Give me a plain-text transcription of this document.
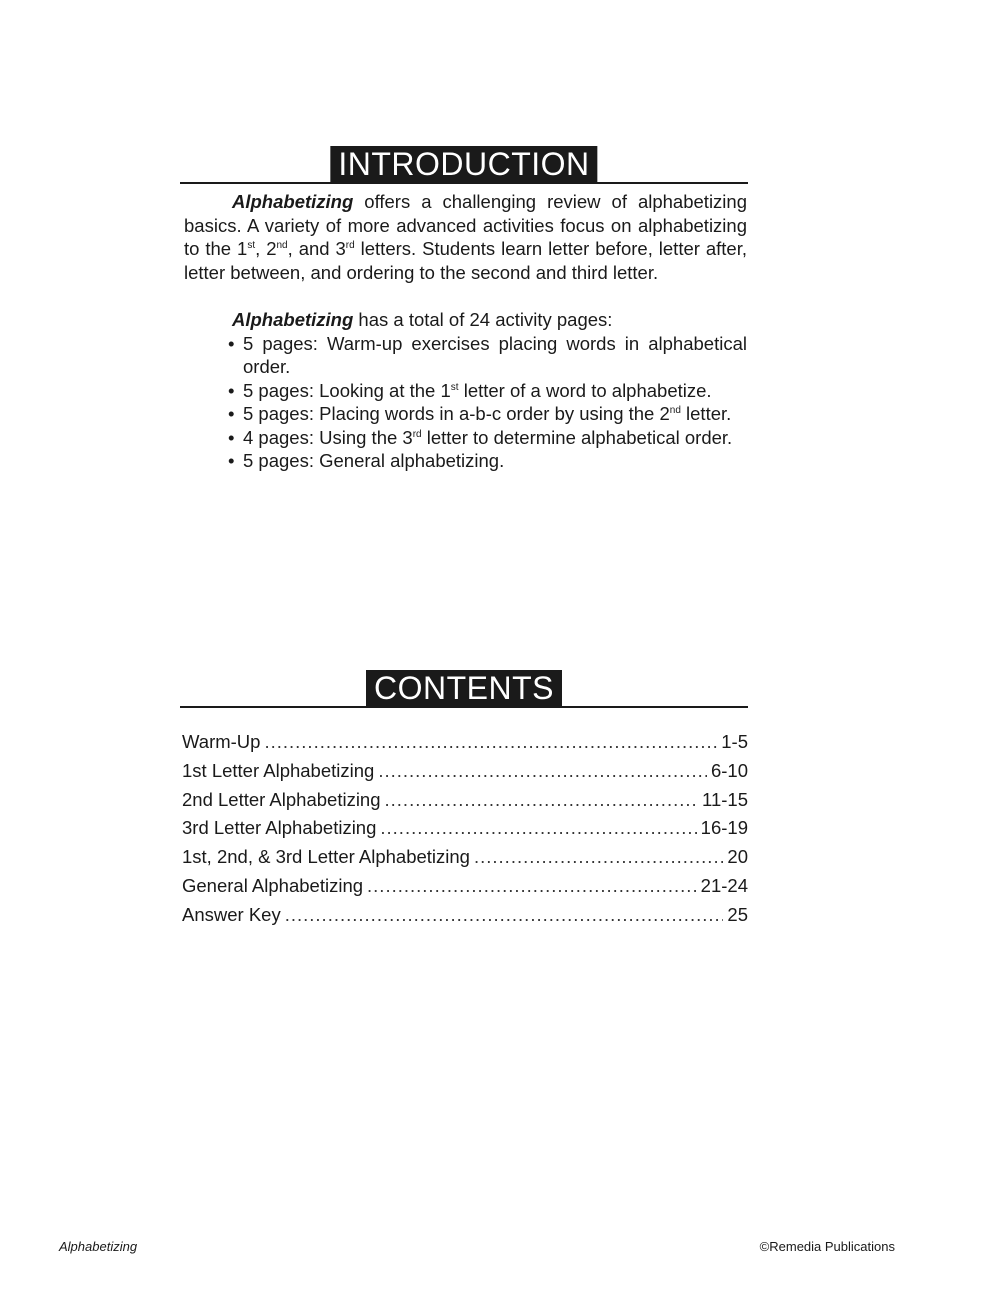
INTRODUCTION

Alphabetizing offers a challenging review of alphabetizing basics. A variety of more advanced activities focus on alphabetizing to the 1st, 2nd, and 3rd letters. Students learn letter before, letter after, letter between, and ordering to the second and third letter.

Alphabetizing has a total of 24 activity pages:

• 5 pages: Warm-up exercises placing words in alphabetical order.
• 5 pages: Looking at the 1st letter of a word to alphabetize.
• 5 pages: Placing words in a-b-c order by using the 2nd letter.
• 4 pages: Using the 3rd letter to determine alphabetical order.
• 5 pages: General alphabetizing.
CONTENTS
Warm-Up .....	1-5
1st Letter Alphabetizing .....	6-10
2nd Letter Alphabetizing .....	11-15
3rd Letter Alphabetizing .....	16-19
1st, 2nd, & 3rd Letter Alphabetizing .....	20
General Alphabetizing .....	21-24
Answer Key .....	25
Alphabetizing	©Remedia Publications
